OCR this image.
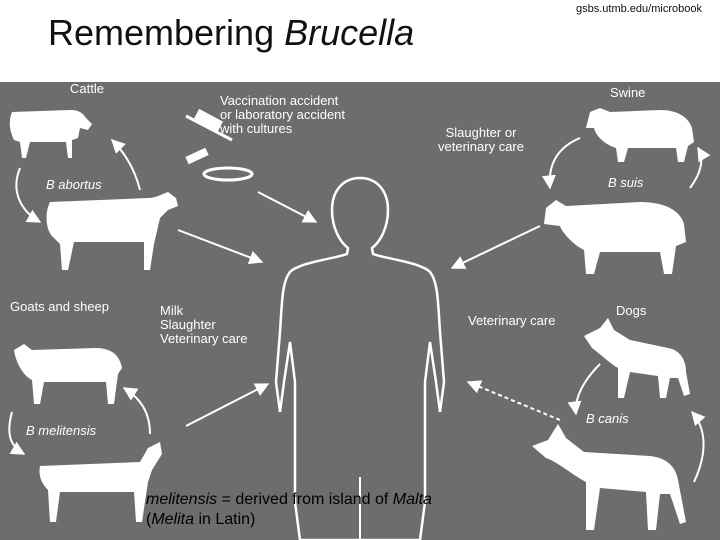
Remembering Brucella
gsbs.utmb.edu/microbook
Cattle
B abortus
Vaccination accident
or laboratory accident
with cultures
Swine
Slaughter or
veterinary care
B suis
Goats and sheep	Milk
Slaughter
Veterinary care
Veterinary care
Dogs
B canis
B melitensis
melitensis = derived from island of Malta
(Melita in Latin)
